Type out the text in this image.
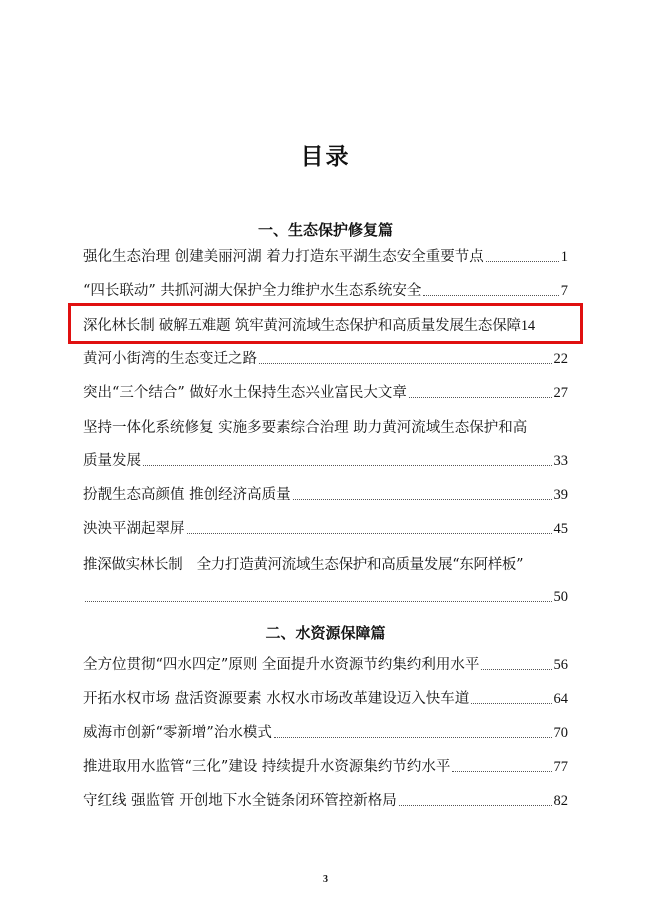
目录
一、生态保护修复篇
强化生态治理 创建美丽河湖 着力打造东平湖生态安全重要节点	1
“四长联动” 共抓河湖大保护全力维护水生态系统安全	7
深化林长制 破解五难题 筑牢黄河流域生态保护和高质量发展生态保障 14
黄河小街湾的生态变迁之路	22
突出“三个结合” 做好水土保持生态兴业富民大文章	27
坚持一体化系统修复 实施多要素综合治理 助力黄河流域生态保护和高
质量发展	33
扮靓生态高颜值 推创经济高质量	39
泱泱平湖起翠屏	45
推深做实林长制　全力打造黄河流域生态保护和高质量发展“东阿样板”
50
二、水资源保障篇
全方位贯彻“四水四定”原则 全面提升水资源节约集约利用水平	56
开拓水权市场 盘活资源要素 水权水市场改革建设迈入快车道	64
威海市创新“零新增”治水模式	70
推进取用水监管“三化”建设 持续提升水资源集约节约水平	77
守红线 强监管 开创地下水全链条闭环管控新格局	82
3
